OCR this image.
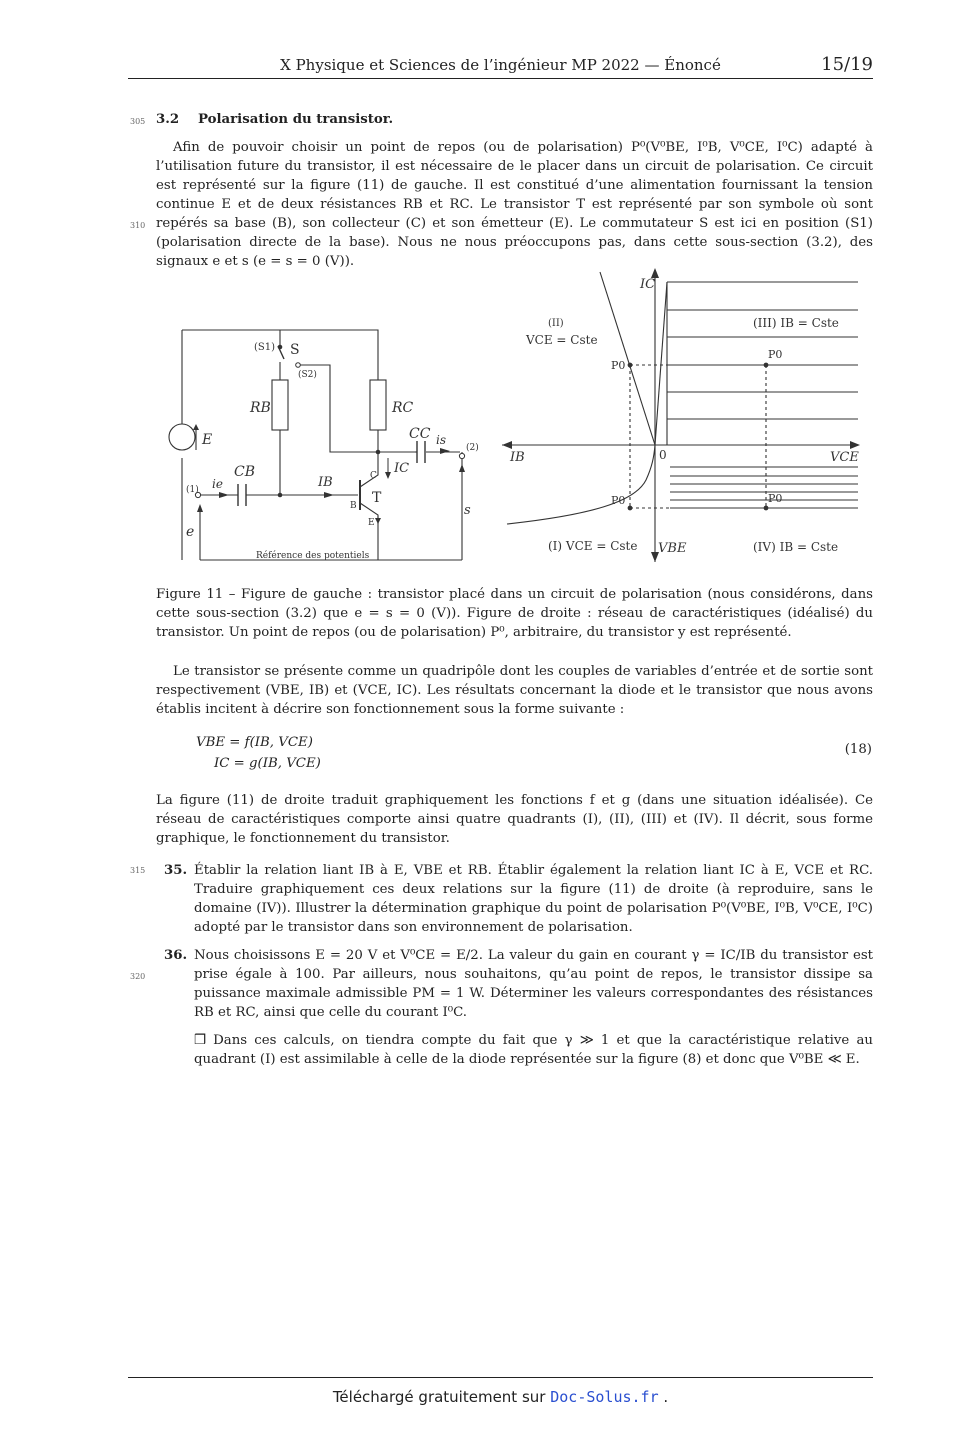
X Physique et Sciences de l’ingénieur MP 2022 — Énoncé	15/19
305
310
315
320
3.2 Polarisation du transistor.

Afin de pouvoir choisir un point de repos (ou de polarisation) P⁰(V⁰BE, I⁰B, V⁰CE, I⁰C) adapté à l’utilisation future du transistor, il est nécessaire de le placer dans un circuit de polarisation. Ce circuit est représenté sur la figure (11) de gauche. Il est constitué d’une alimentation fournissant la tension continue E et de deux résistances RB et RC. Le transistor T est représenté par son symbole où sont repérés sa base (B), son collecteur (C) et son émetteur (E). Le commutateur S est ici en position (S1) (polarisation directe de la base). Nous ne nous préoccupons pas, dans cette sous-section (3.2), des signaux e et s (e = s = 0 (V)).

(S1)
(S2)
(1)
(2)
C
B
E
Référence des potentiels
S
RB	RC
E	CC
CB
is
ie	IB
IC
T
e
s
IC
IB	VCE
VBE
0
P0
P0
P0	P0
(II)
VCE = Cste
(III) IB = Cste
(I) VCE = Cste	(IV) IB = Cste

Figure 11 – Figure de gauche : transistor placé dans un circuit de polarisation (nous considérons, dans cette sous-section (3.2) que e = s = 0 (V)). Figure de droite : réseau de caractéristiques (idéalisé) du transistor. Un point de repos (ou de polarisation) P⁰, arbitraire, du transistor y est représenté.

Le transistor se présente comme un quadripôle dont les couples de variables d’entrée et de sortie sont respectivement (VBE, IB) et (VCE, IC). Les résultats concernant la diode et le transistor que nous avons établis incitent à décrire son fonctionnement sous la forme suivante :

VBE = f(IB, VCE)
IC = g(IB, VCE)
(18)

La figure (11) de droite traduit graphiquement les fonctions f et g (dans une situation idéalisée). Ce réseau de caractéristiques comporte ainsi quatre quadrants (I), (II), (III) et (IV). Il décrit, sous forme graphique, le fonctionnement du transistor.

35. Établir la relation liant IB à E, VBE et RB. Établir également la relation liant IC à E, VCE et RC. Traduire graphiquement ces deux relations sur la figure (11) de droite (à reproduire, sans le domaine (IV)). Illustrer la détermination graphique du point de polarisation P⁰(V⁰BE, I⁰B, V⁰CE, I⁰C) adopté par le transistor dans son environnement de polarisation.
36. Nous choisissons E = 20 V et V⁰CE = E/2. La valeur du gain en courant γ = IC/IB du transistor est prise égale à 100. Par ailleurs, nous souhaitons, qu’au point de repos, le transistor dissipe sa puissance maximale admissible PM = 1 W. Déterminer les valeurs correspondantes des résistances RB et RC, ainsi que celle du courant I⁰C.

❒ Dans ces calculs, on tiendra compte du fait que γ ≫ 1 et que la caractéristique relative au quadrant (I) est assimilable à celle de la diode représentée sur la figure (8) et donc que V⁰BE ≪ E.

Téléchargé gratuitement sur Doc-Solus.fr .
